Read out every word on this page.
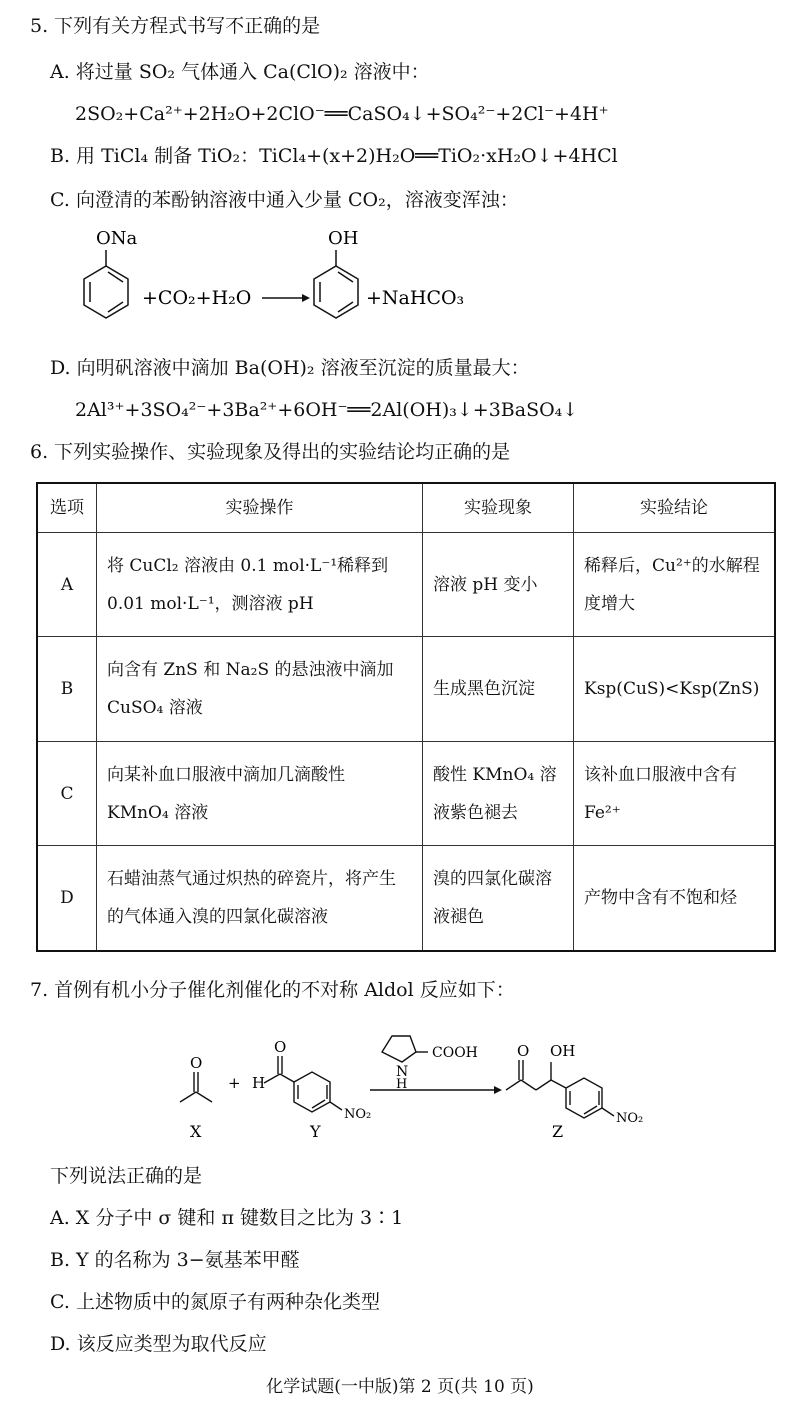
5. 下列有关方程式书写不正确的是
A. 将过量 SO₂ 气体通入 Ca(ClO)₂ 溶液中：
2SO₂+Ca²⁺+2H₂O+2ClO⁻══CaSO₄↓+SO₄²⁻+2Cl⁻+4H⁺
B. 用 TiCl₄ 制备 TiO₂：TiCl₄+(x+2)H₂O══TiO₂·xH₂O↓+4HCl
C. 向澄清的苯酚钠溶液中通入少量 CO₂，溶液变浑浊：
ONa
+CO₂+H₂O
OH
+NaHCO₃
D. 向明矾溶液中滴加 Ba(OH)₂ 溶液至沉淀的质量最大：
2Al³⁺+3SO₄²⁻+3Ba²⁺+6OH⁻══2Al(OH)₃↓+3BaSO₄↓
6. 下列实验操作、实验现象及得出的实验结论均正确的是
选项	实验操作	实验现象	实验结论
A	将 CuCl₂ 溶液由 0.1 mol·L⁻¹稀释到 0.01 mol·L⁻¹，测溶液 pH	溶液 pH 变小	稀释后，Cu²⁺的水解程度增大
B	向含有 ZnS 和 Na₂S 的悬浊液中滴加 CuSO₄ 溶液	生成黑色沉淀	Ksp(CuS)<Ksp(ZnS)
C	向某补血口服液中滴加几滴酸性 KMnO₄ 溶液	酸性 KMnO₄ 溶液紫色褪去	该补血口服液中含有 Fe²⁺
D	石蜡油蒸气通过炽热的碎瓷片，将产生的气体通入溴的四氯化碳溶液	溴的四氯化碳溶液褪色	产物中含有不饱和烃
7. 首例有机小分子催化剂催化的不对称 Aldol 反应如下：
O
X
+ H
O
NO₂
Y
N
H
COOH	O OH
NO₂
Z
下列说法正确的是
A. X 分子中 σ 键和 π 键数目之比为 3∶1
B. Y 的名称为 3−氨基苯甲醛
C. 上述物质中的氮原子有两种杂化类型
D. 该反应类型为取代反应
化学试题(一中版)第 2 页(共 10 页)
